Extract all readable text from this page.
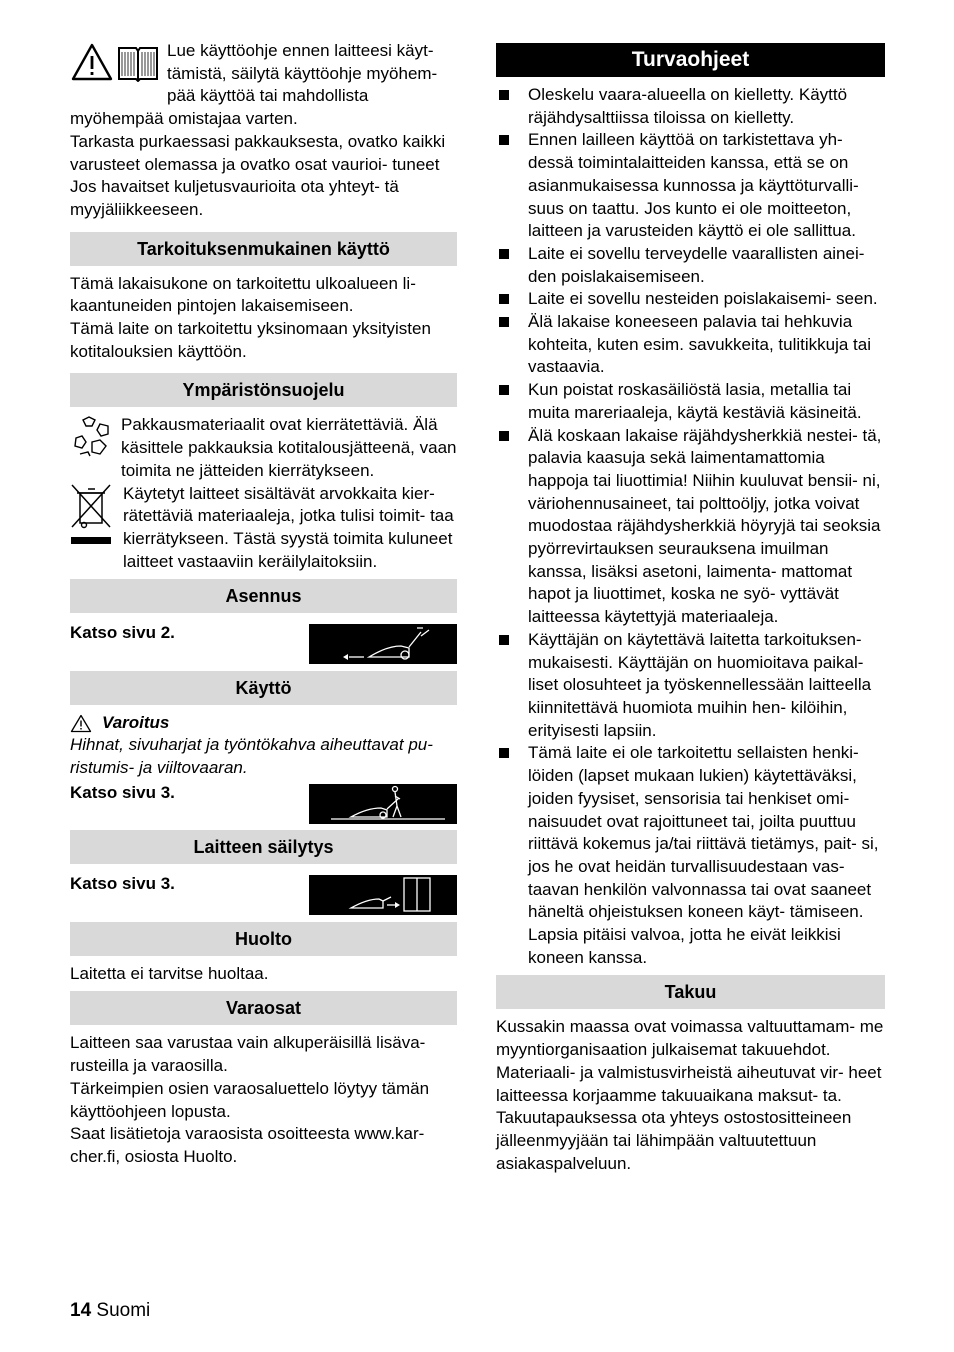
Lue käyttöohje ennen laitteesi käyt- tämistä, säilytä käyttöohje myöhem- pää käyttöä tai mahdollista myöhempää omistajaa varten.

Tarkasta purkaessasi pakkauksesta, ovatko kaikki varusteet olemassa ja ovatko osat vaurioi- tuneet Jos havaitset kuljetusvaurioita ota yhteyt- tä myyjäliikkeeseen.

Tarkoituksenmukainen käyttö

Tämä lakaisukone on tarkoitettu ulkoalueen li- kaantuneiden pintojen lakaisemiseen.

Tämä laite on tarkoitettu yksinomaan yksityisten kotitalouksien käyttöön.

Ympäristönsuojelu

Pakkausmateriaalit ovat kierrätettäviä. Älä käsittele pakkauksia kotitalousjätteenä, vaan toimita ne jätteiden kierrätykseen.

Käytetyt laitteet sisältävät arvokkaita kier- rätettäviä materiaaleja, jotka tulisi toimit- taa kierrätykseen. Tästä syystä toimita kuluneet laitteet vastaaviin keräilylaitoksiin.

Asennus
Katso sivu 2.
Käyttö
Varoitus

Hihnat, sivuharjat ja työntökahva aiheuttavat pu- ristumis- ja viiltovaaran.

Katso sivu 3.
Laitteen säilytys
Katso sivu 3.
Huolto

Laitetta ei tarvitse huoltaa.

Varaosat

Laitteen saa varustaa vain alkuperäisillä lisäva- rusteilla ja varaosilla.

Tärkeimpien osien varaosaluettelo löytyy tämän käyttöohjeen lopusta.

Saat lisätietoja varaosista osoitteesta www.kar- cher.fi, osiosta Huolto.

Turvaohjeet
Oleskelu vaara-alueella on kielletty. Käyttö räjähdysalttiissa tiloissa on kielletty.
Ennen lailleen käyttöä on tarkistettava yh- dessä toimintalaitteiden kanssa, että se on asianmukaisessa kunnossa ja käyttöturvalli- suus on taattu. Jos kunto ei ole moitteeton, laitteen ja varusteiden käyttö ei ole sallittua.
Laite ei sovellu terveydelle vaarallisten ainei- den poislakaisemiseen.
Laite ei sovellu nesteiden poislakaisemi- seen.
Älä lakaise koneeseen palavia tai hehkuvia kohteita, kuten esim. savukkeita, tulitikkuja tai vastaavia.
Kun poistat roskasäiliöstä lasia, metallia tai muita mareriaaleja, käytä kestäviä käsineitä.
Älä koskaan lakaise räjähdysherkkiä nestei- tä, palavia kaasuja sekä laimentamattomia happoja tai liuottimia! Niihin kuuluvat bensii- ni, väriohennusaineet, tai polttoöljy, jotka voivat muodostaa räjähdysherkkiä höyryjä tai seoksia pyörrevirtauksen seurauksena imuilman kanssa, lisäksi asetoni, laimenta- mattomat hapot ja liuottimet, koska ne syö- vyttävät laitteessa käytettyjä materiaaleja.
Käyttäjän on käytettävä laitetta tarkoituksen- mukaisesti. Käyttäjän on huomioitava paikal- liset olosuhteet ja työskennellessään laitteella kiinnitettävä huomiota muihin hen- kilöihin, erityisesti lapsiin.
Tämä laite ei ole tarkoitettu sellaisten henki- löiden (lapset mukaan lukien) käytettäväksi, joiden fyysiset, sensorisia tai henkiset omi- naisuudet ovat rajoittuneet tai, joilta puuttuu riittävä kokemus ja/tai riittävä tietämys, pait- si, jos he ovat heidän turvallisuudestaan vas- taavan henkilön valvonnassa tai ovat saaneet häneltä ohjeistuksen koneen käyt- tämiseen. Lapsia pitäisi valvoa, jotta he eivät leikkisi koneen kanssa.
Takuu

Kussakin maassa ovat voimassa valtuuttamam- me myyntiorganisaation julkaisemat takuuehdot. Materiaali- ja valmistusvirheistä aiheutuvat vir- heet laitteessa korjaamme takuuaikana maksut- ta. Takuutapauksessa ota yhteys ostostositteineen jälleenmyyjään tai lähimpään valtuutettuun asiakaspalveluun.

14 Suomi
